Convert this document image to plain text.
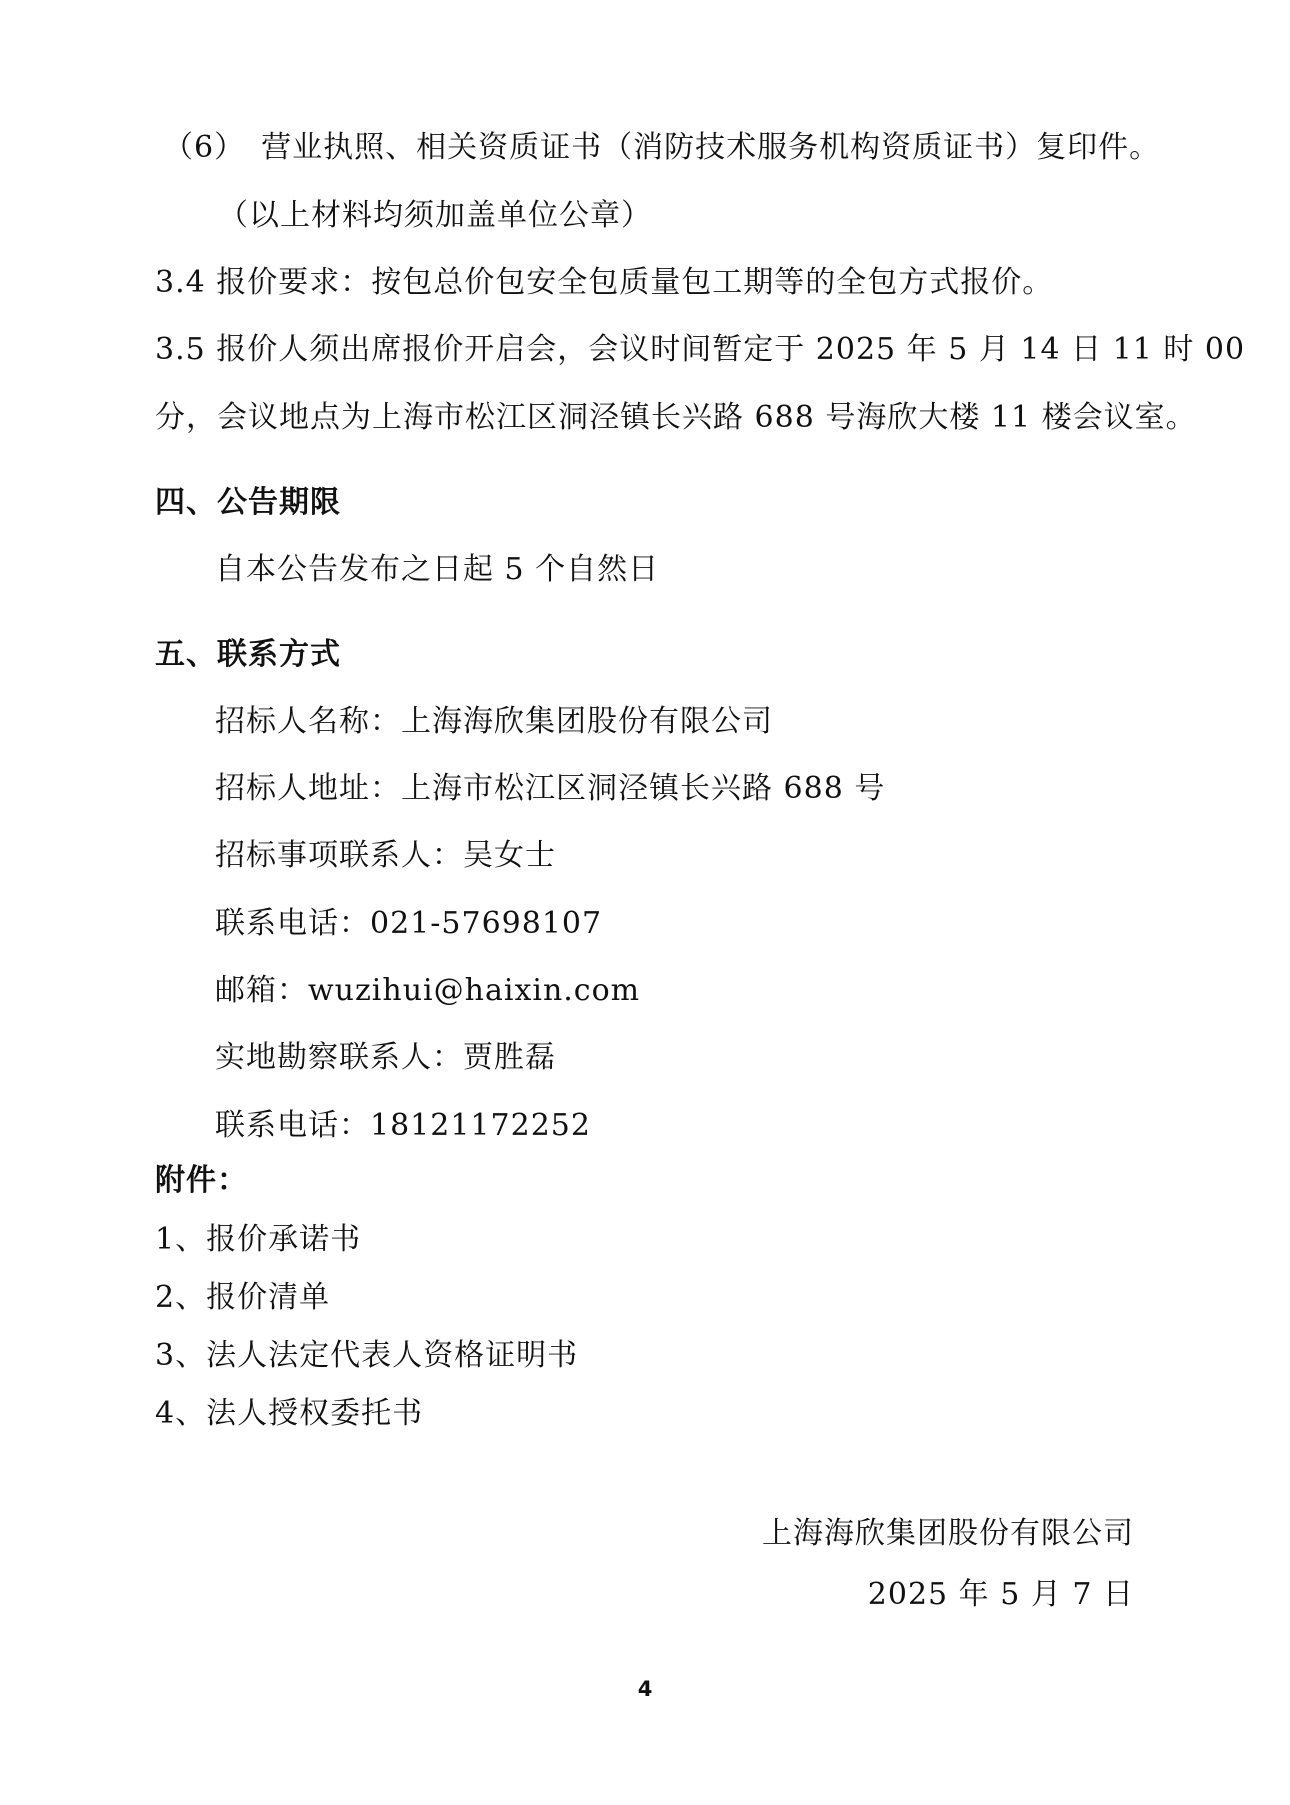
（6）　营业执照、相关资质证书（消防技术服务机构资质证书）复印件。
（以上材料均须加盖单位公章）
3.4 报价要求：按包总价包安全包质量包工期等的全包方式报价。
3.5 报价人须出席报价开启会，会议时间暂定于 2025 年 5 月 14 日 11 时 00
分，会议地点为上海市松江区洞泾镇长兴路 688 号海欣大楼 11 楼会议室。
四、公告期限
自本公告发布之日起 5 个自然日
五、联系方式
招标人名称：上海海欣集团股份有限公司
招标人地址：上海市松江区洞泾镇长兴路 688 号
招标事项联系人：吴女士
联系电话：021-57698107
邮箱：wuzihui@haixin.com
实地勘察联系人：贾胜磊
联系电话：18121172252
附件：
1、报价承诺书
2、报价清单
3、法人法定代表人资格证明书
4、法人授权委托书
上海海欣集团股份有限公司
2025 年 5 月 7 日
4
